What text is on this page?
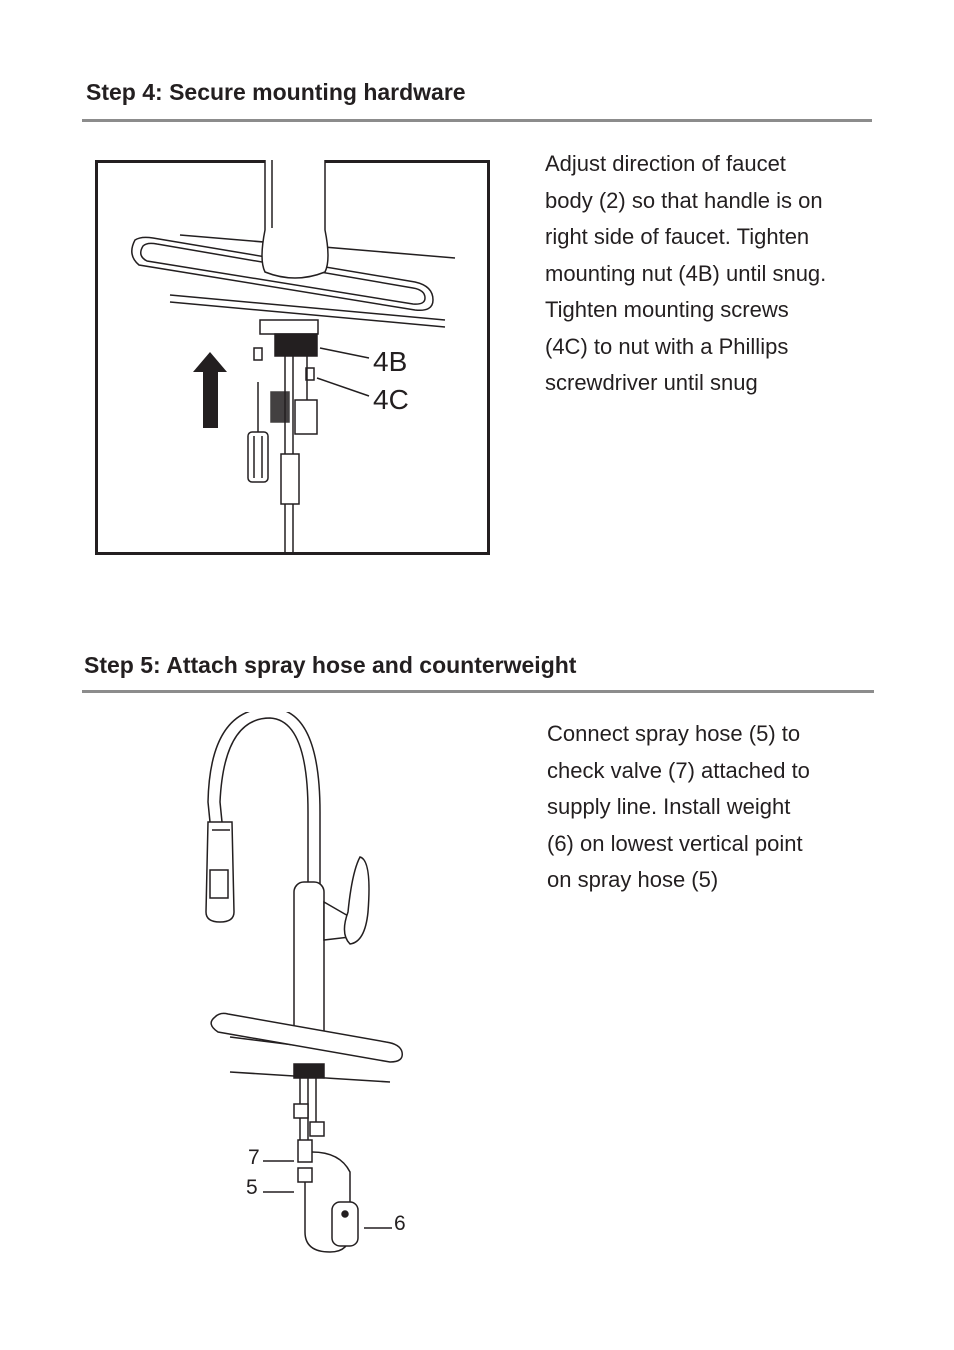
Step 4: Secure mounting hardware
4B
4C
Adjust direction of faucet
body (2) so that handle is on
right side of faucet. Tighten
mounting nut (4B) until snug.
Tighten mounting screws
(4C) to nut with a Phillips
screwdriver until snug
Step 5: Attach spray hose and counterweight
7
5
6
Connect spray hose (5) to
check valve (7) attached to
supply line. Install weight
(6) on lowest vertical point
on spray hose (5)
